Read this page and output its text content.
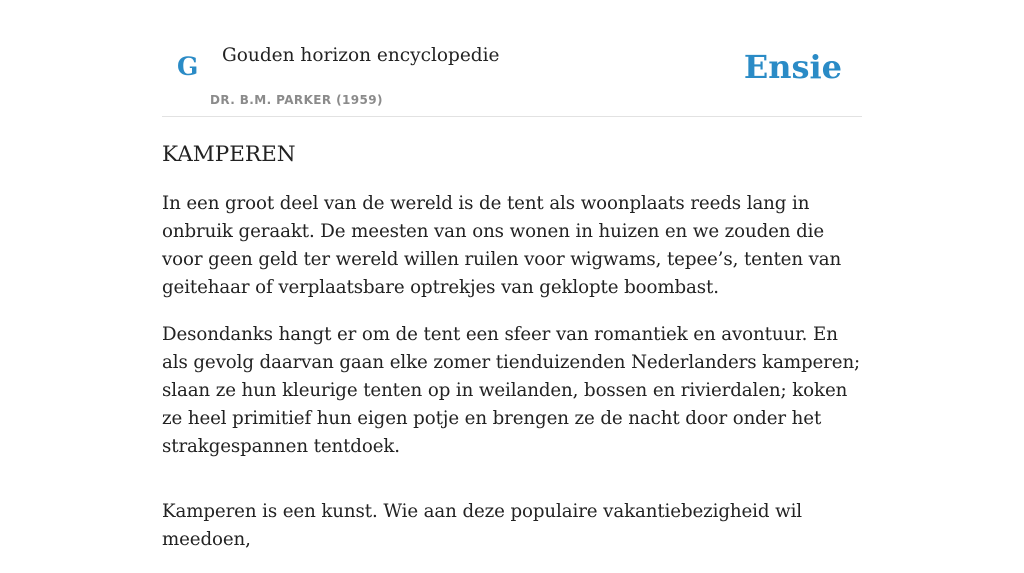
G Gouden horizon encyclopedie
DR. B.M. PARKER (1959)
Ensie
KAMPEREN

In een groot deel van de wereld is de tent als woonplaats reeds lang in onbruik geraakt. De meesten van ons wonen in huizen en we zouden die voor geen geld ter wereld willen ruilen voor wigwams, tepee’s, tenten van geitehaar of verplaatsbare optrekjes van geklopte boombast.

Desondanks hangt er om de tent een sfeer van romantiek en avontuur. En als gevolg daarvan gaan elke zomer tienduizenden Nederlanders kamperen; slaan ze hun kleurige tenten op in weilanden, bossen en rivierdalen; koken ze heel primitief hun eigen potje en brengen ze de nacht door onder het strakgespannen tentdoek.

Kamperen is een kunst. Wie aan deze populaire vakantiebezigheid wil meedoen,
